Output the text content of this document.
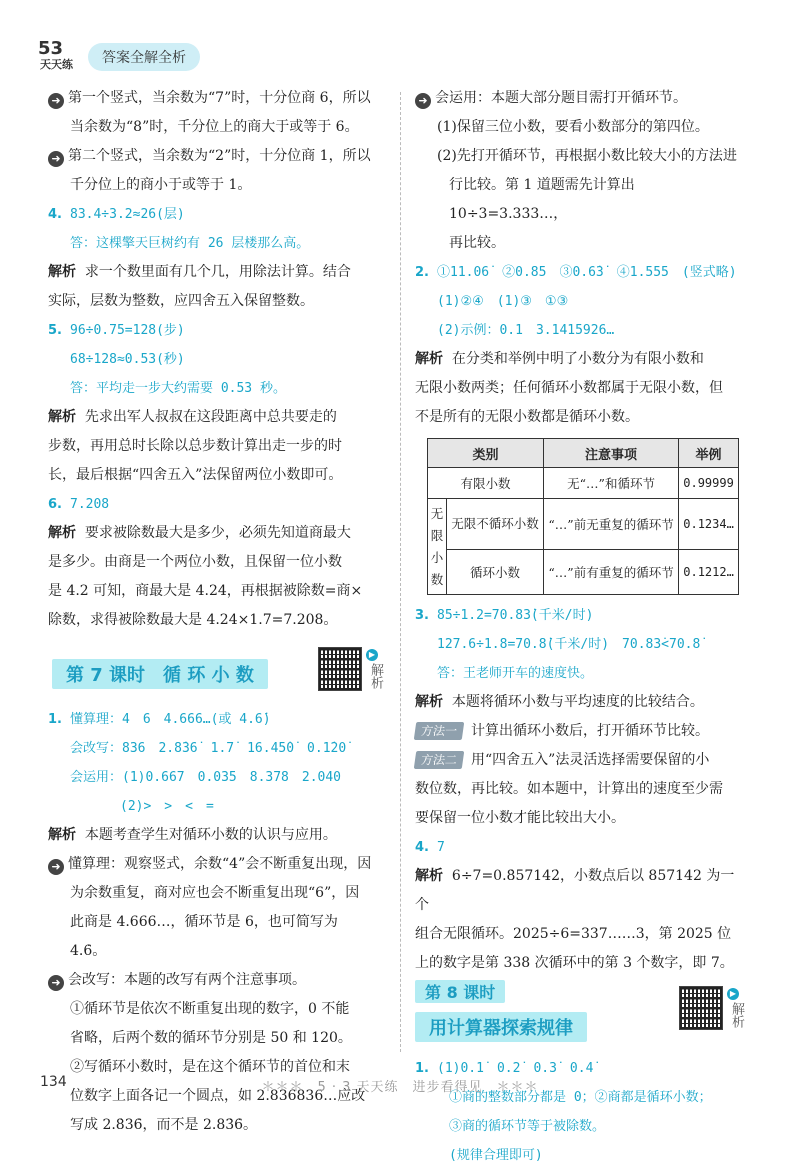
53
天天练	答案全解全析

➜ 第一个竖式，当余数为“7”时，十分位商 6，所以

当余数为“8”时，千分位上的商大于或等于 6。

➜ 第二个竖式，当余数为“2”时，十分位商 1，所以

千分位上的商小于或等于 1。

4. 83.4÷3.2≈26(层)

答：这棵擎天巨树约有 26 层楼那么高。

解析 求一个数里面有几个几，用除法计算。结合

实际，层数为整数，应四舍五入保留整数。

5. 96÷0.75=128(步)

68÷128≈0.53(秒)

答：平均走一步大约需要 0.53 秒。

解析 先求出军人叔叔在这段距离中总共要走的

步数，再用总时长除以总步数计算出走一步的时

长，最后根据“四舍五入”法保留两位小数即可。

6. 7.208

解析 要求被除数最大是多少，必须先知道商最大

是多少。由商是一个两位小数，且保留一位小数

是 4.2 可知，商最大是 4.24，再根据被除数=商×

除数，求得被除数最大是 4.24×1.7=7.208。

第 7 课时　循 环 小 数
▶
解析

1. 懂算理：4　6　4.666…(或 4.6̇)

会改写：836　2.8̇36̇　1.7̇　16.45̇0̇　0.1̇20̇

会运用：(1)0.667　0.035　8.378　2.040

(2)>　>　<　=

解析 本题考查学生对循环小数的认识与应用。

➜ 懂算理：观察竖式，余数“4”会不断重复出现，因

为余数重复，商对应也会不断重复出现“6”，因

此商是 4.666…，循环节是 6，也可简写为 4.6̇。

➜ 会改写：本题的改写有两个注意事项。

①循环节是依次不断重复出现的数字，0 不能

省略，后两个数的循环节分别是 50 和 120。

②写循环小数时，是在这个循环节的首位和末

位数字上面各记一个圆点，如 2.836836…应改

写成 2.8̇36̇，而不是 2.83̇6̇。

➜ 会运用：本题大部分题目需打开循环节。

(1)保留三位小数，要看小数部分的第四位。

(2)先打开循环节，再根据小数比较大小的方法进

行比较。第 1 道题需先计算出 10÷3=3.333…，

再比较。

2. ①11.06̇　②0.85　③0.6̇3̇　④1.555　(竖式略)

(1)②④　(1)③　①③

(2)示例：0.1　3.1415926…

解析 在分类和举例中明了小数分为有限小数和

无限小数两类；任何循环小数都属于无限小数，但

不是所有的无限小数都是循环小数。

类别		注意事项	举例
有限小数		无“…”和循环节	0.99999
无限小数	无限不循环小数	“…”前无重复的循环节	0.1234…
	循环小数	“…”前有重复的循环节	0.1212…

3. 85÷1.2=70.83̇(千米/时)

127.6÷1.8=70.8̇(千米/时)　70.83̇<70.8̇

答：王老师开车的速度快。

解析 本题将循环小数与平均速度的比较结合。

方法一 计算出循环小数后，打开循环节比较。

方法二 用“四舍五入”法灵活选择需要保留的小

数位数，再比较。如本题中，计算出的速度至少需

要保留一位小数才能比较出大小。

4. 7

解析 6÷7=0.8̇57142̇，小数点后以 857142 为一个

组合无限循环。2025÷6=337……3，第 2025 位

上的数字是第 338 次循环中的第 3 个数字，即 7。

第 8 课时
用计算器探索规律
▶
解析

1. (1)0.1̇　0.2̇　0.3̇　0.4̇

①商的整数部分都是 0；②商都是循环小数；

③商的循环节等于被除数。

(规律合理即可)

134	＊＊＊　5 · 3 天天练　进步看得见　＊＊＊
